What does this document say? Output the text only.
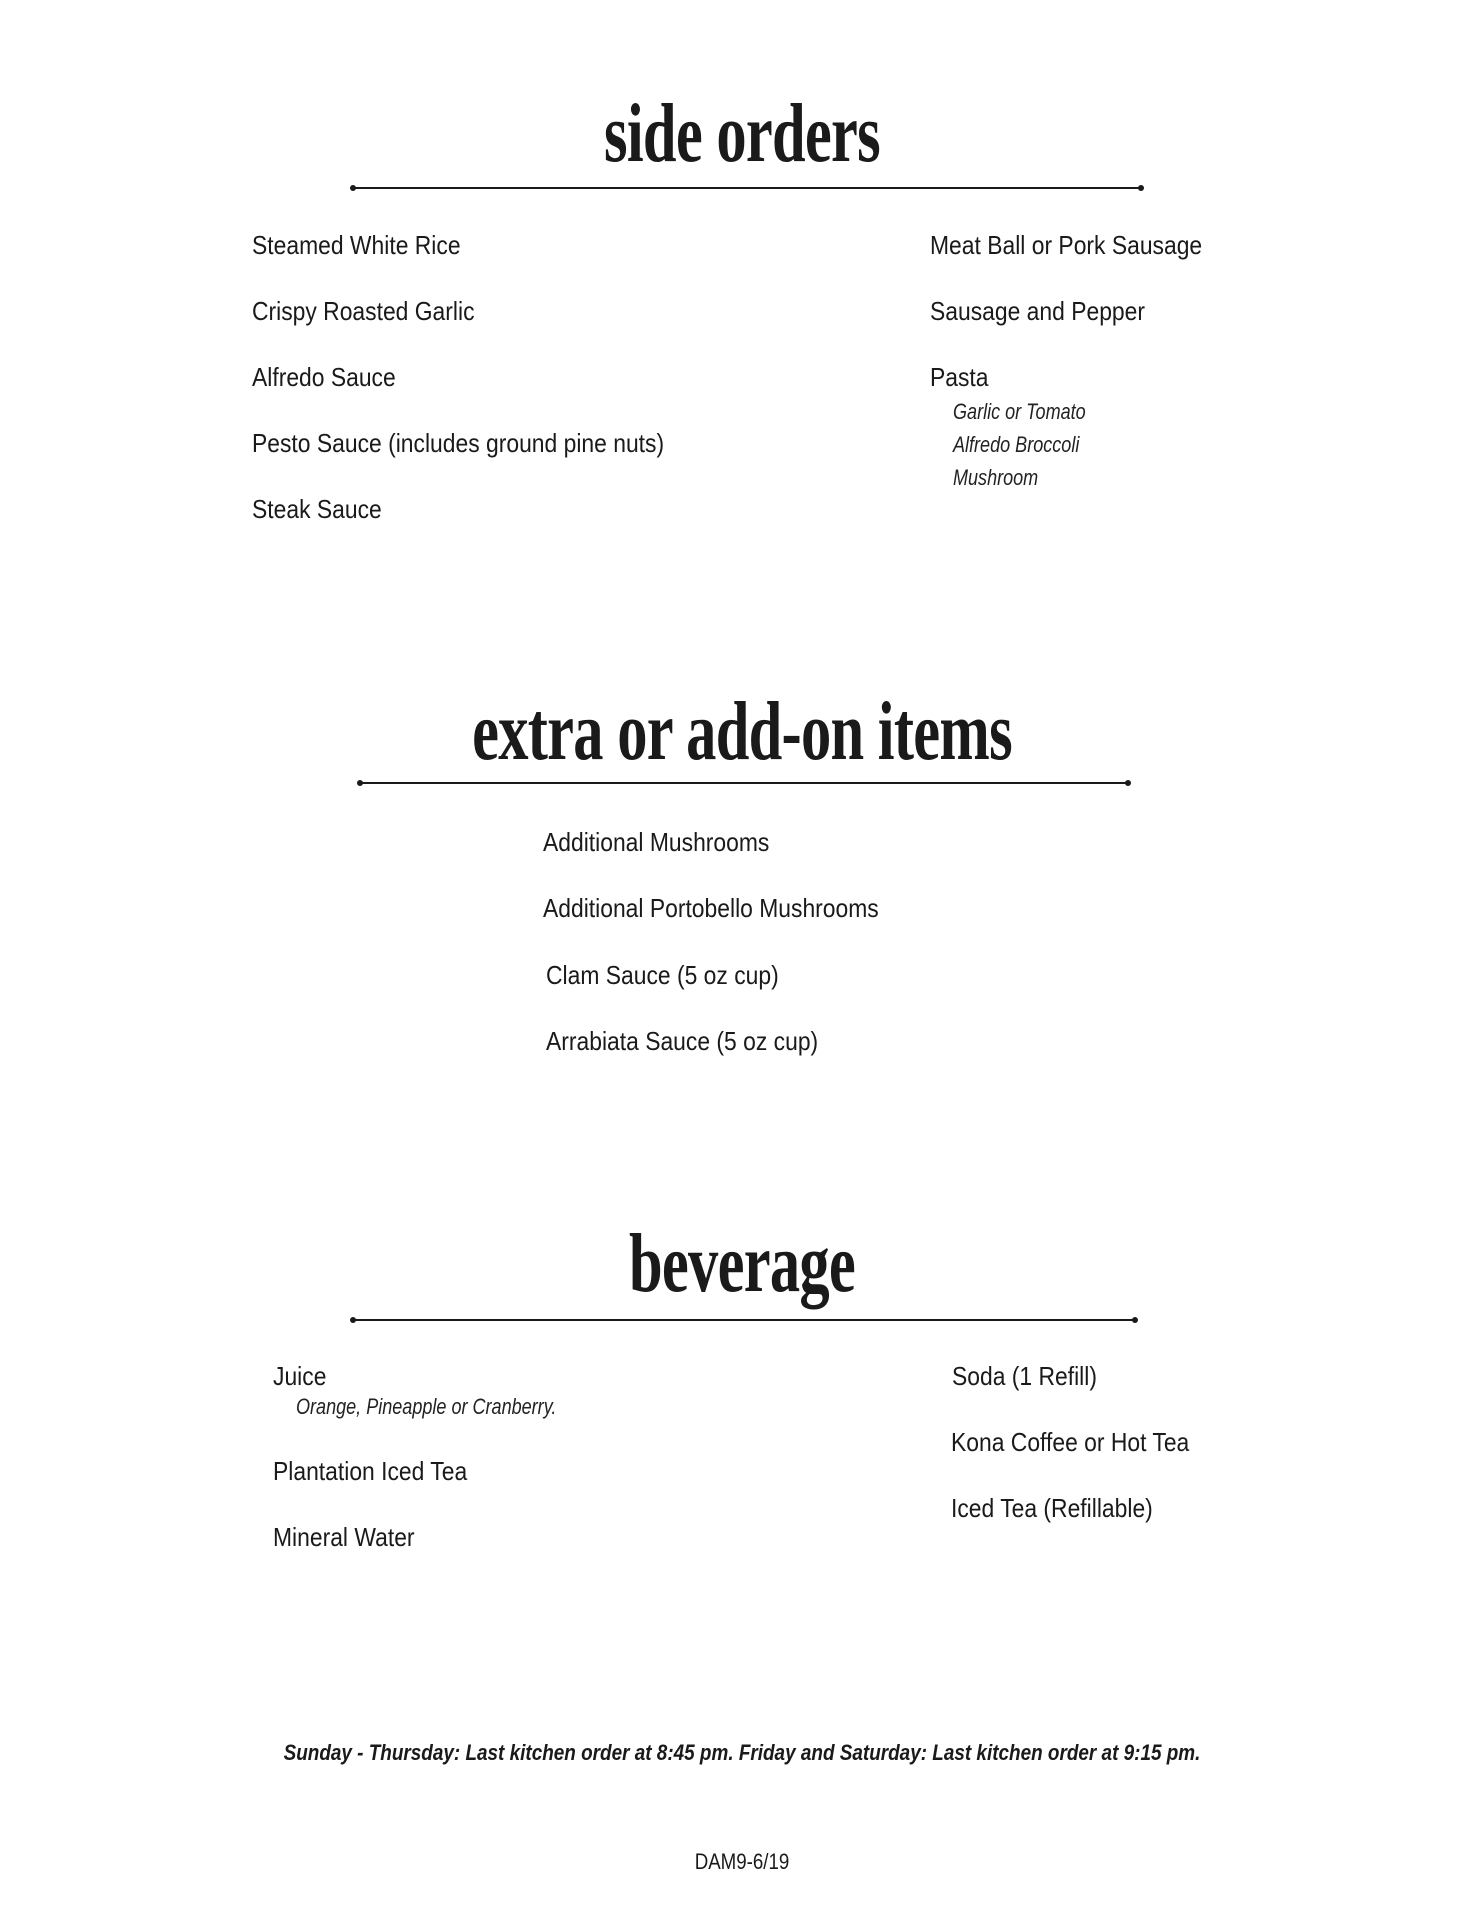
side orders
Steamed White Rice
Crispy Roasted Garlic
Alfredo Sauce
Pesto Sauce (includes ground pine nuts)
Steak Sauce
Meat Ball or Pork Sausage
Sausage and Pepper
Pasta
Garlic or Tomato
Alfredo Broccoli
Mushroom
extra or add-on items
Additional Mushrooms
Additional Portobello Mushrooms
Clam Sauce (5 oz cup)
Arrabiata Sauce (5 oz cup)
beverage
Juice
Orange, Pineapple or Cranberry.
Plantation Iced Tea
Mineral Water
Soda (1 Refill)
Kona Coffee or Hot Tea
Iced Tea (Refillable)
Sunday - Thursday: Last kitchen order at 8:45 pm. Friday and Saturday: Last kitchen order at 9:15 pm.
DAM9-6/19
